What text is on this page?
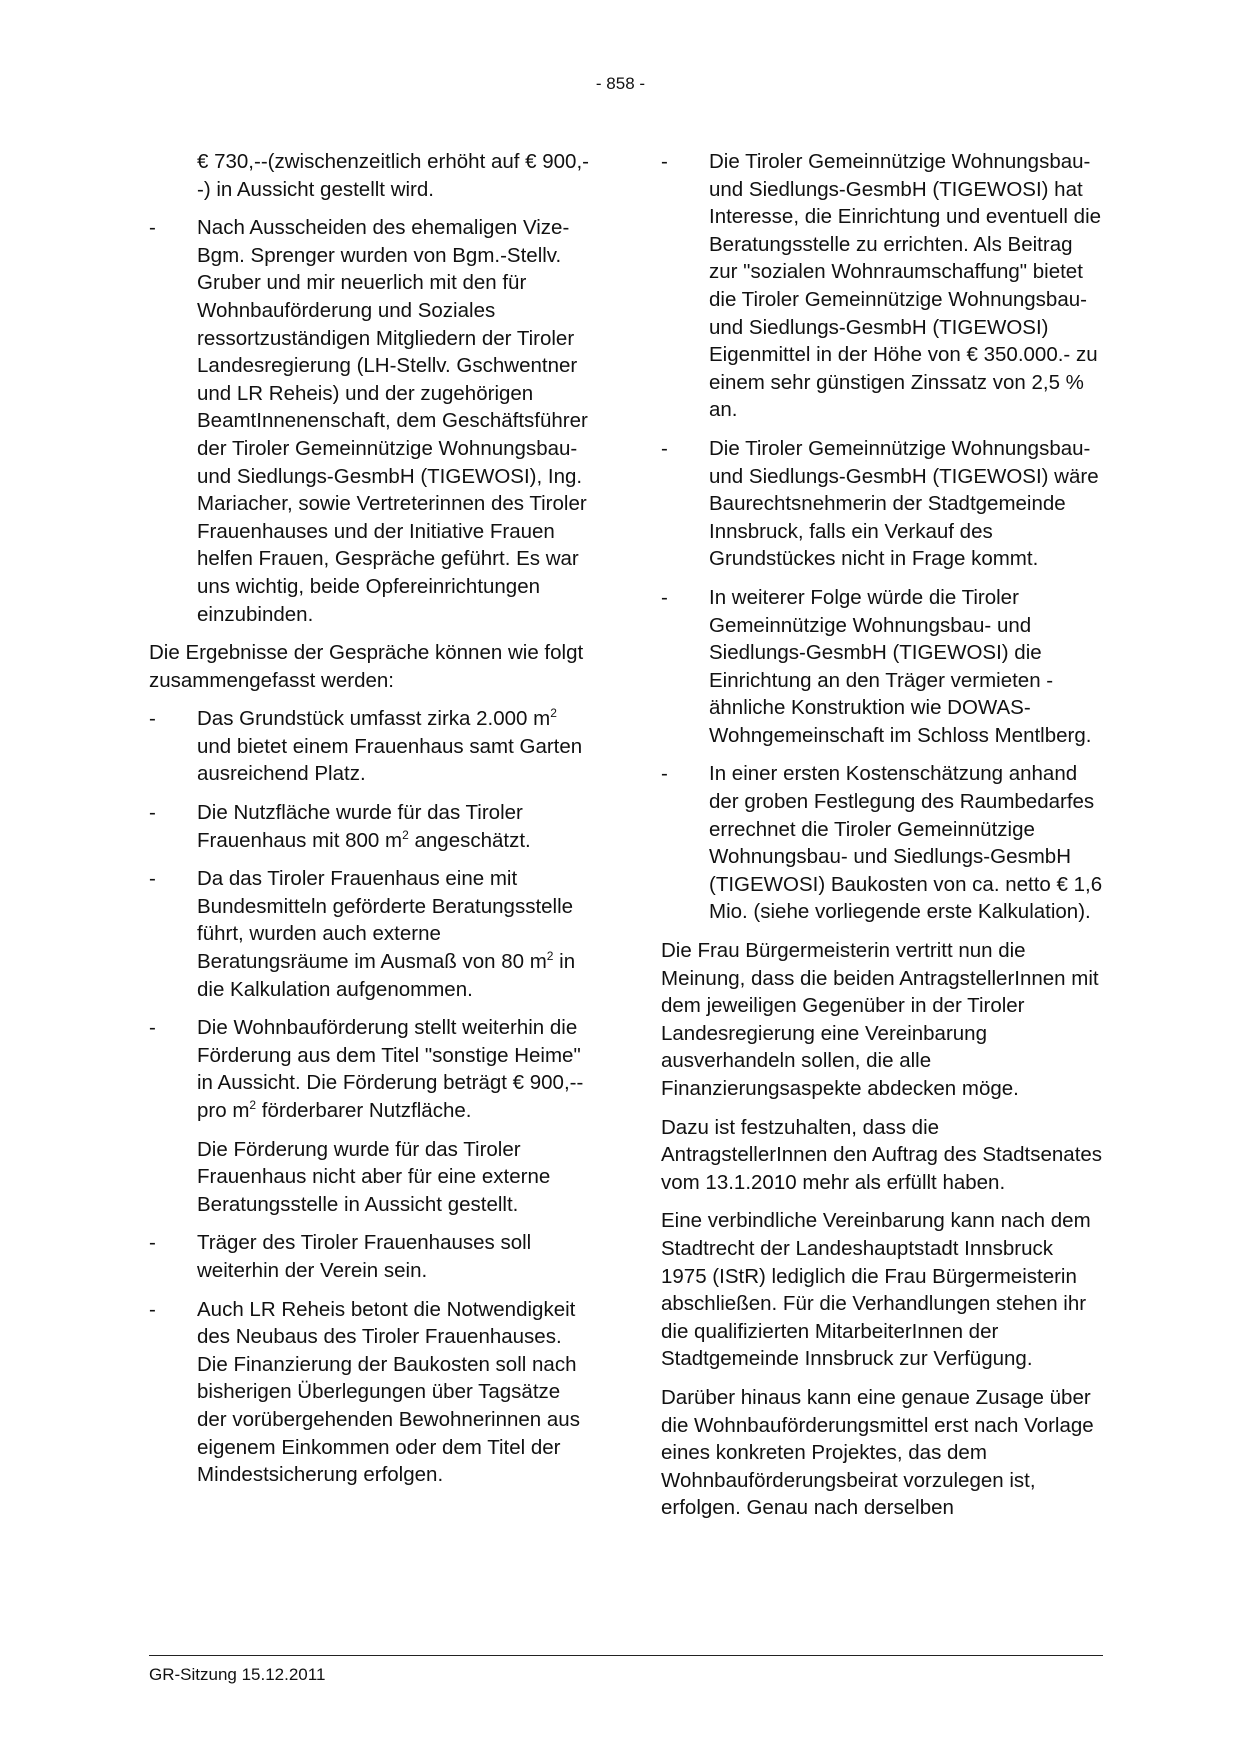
- 858 -

€ 730,--(zwischenzeitlich erhöht auf € 900,--) in Aussicht gestellt wird.

- Nach Ausscheiden des ehemaligen Vize-Bgm. Sprenger wurden von Bgm.-Stellv. Gruber und mir neuerlich mit den für Wohnbauförderung und Soziales ressortzuständigen Mitgliedern der Tiroler Landesregierung (LH-Stellv. Gschwentner und LR Reheis) und der zugehörigen BeamtInnenenschaft, dem Geschäftsführer der Tiroler Gemeinnützige Wohnungsbau- und Siedlungs-GesmbH (TIGEWOSI), Ing. Mariacher, sowie Vertreterinnen des Tiroler Frauenhauses und der Initiative Frauen helfen Frauen, Gespräche geführt. Es war uns wichtig, beide Opfereinrichtungen einzubinden.

Die Ergebnisse der Gespräche können wie folgt zusammengefasst werden:

- Das Grundstück umfasst zirka 2.000 $m^2$ und bietet einem Frauenhaus samt Garten ausreichend Platz.
- Die Nutzfläche wurde für das Tiroler Frauenhaus mit 800 $m^2$ angeschätzt.
- Da das Tiroler Frauenhaus eine mit Bundesmitteln geförderte Beratungsstelle führt, wurden auch externe Beratungsräume im Ausmaß von 80 $m^2$ in die Kalkulation aufgenommen.
- Die Wohnbauförderung stellt weiterhin die Förderung aus dem Titel "sonstige Heime" in Aussicht. Die Förderung beträgt € 900,-- pro $m^2$ förderbarer Nutzfläche.

Die Förderung wurde für das Tiroler Frauenhaus nicht aber für eine externe Beratungsstelle in Aussicht gestellt.

- Träger des Tiroler Frauenhauses soll weiterhin der Verein sein.
- Auch LR Reheis betont die Notwendigkeit des Neubaus des Tiroler Frauenhauses. Die Finanzierung der Baukosten soll nach bisherigen Überlegungen über Tagsätze der vorübergehenden Bewohnerinnen aus eigenem Einkommen oder dem Titel der Mindestsicherung erfolgen.
- Die Tiroler Gemeinnützige Wohnungsbau- und Siedlungs-GesmbH (TIGEWOSI) hat Interesse, die Einrichtung und eventuell die Beratungsstelle zu errichten. Als Beitrag zur "sozialen Wohnraumschaffung" bietet die Tiroler Gemeinnützige Wohnungsbau- und Siedlungs-GesmbH (TIGEWOSI) Eigenmittel in der Höhe von € 350.000.- zu einem sehr günstigen Zinssatz von 2,5 % an.
- Die Tiroler Gemeinnützige Wohnungsbau- und Siedlungs-GesmbH (TIGEWOSI) wäre Baurechtsnehmerin der Stadtgemeinde Innsbruck, falls ein Verkauf des Grundstückes nicht in Frage kommt.
- In weiterer Folge würde die Tiroler Gemeinnützige Wohnungsbau- und Siedlungs-GesmbH (TIGEWOSI) die Einrichtung an den Träger vermieten - ähnliche Konstruktion wie DOWAS-Wohngemeinschaft im Schloss Mentlberg.
- In einer ersten Kostenschätzung anhand der groben Festlegung des Raumbedarfes errechnet die Tiroler Gemeinnützige Wohnungsbau- und Siedlungs-GesmbH (TIGEWOSI) Baukosten von ca. netto € 1,6 Mio. (siehe vorliegende erste Kalkulation).

Die Frau Bürgermeisterin vertritt nun die Meinung, dass die beiden AntragstellerInnen mit dem jeweiligen Gegenüber in der Tiroler Landesregierung eine Vereinbarung ausverhandeln sollen, die alle Finanzierungsaspekte abdecken möge.

Dazu ist festzuhalten, dass die AntragstellerInnen den Auftrag des Stadtsenates vom 13.1.2010 mehr als erfüllt haben.

Eine verbindliche Vereinbarung kann nach dem Stadtrecht der Landeshauptstadt Innsbruck 1975 (IStR) lediglich die Frau Bürgermeisterin abschließen. Für die Verhandlungen stehen ihr die qualifizierten MitarbeiterInnen der Stadtgemeinde Innsbruck zur Verfügung.

Darüber hinaus kann eine genaue Zusage über die Wohnbauförderungsmittel erst nach Vorlage eines konkreten Projektes, das dem Wohnbauförderungsbeirat vorzulegen ist, erfolgen. Genau nach derselben

GR-Sitzung 15.12.2011
